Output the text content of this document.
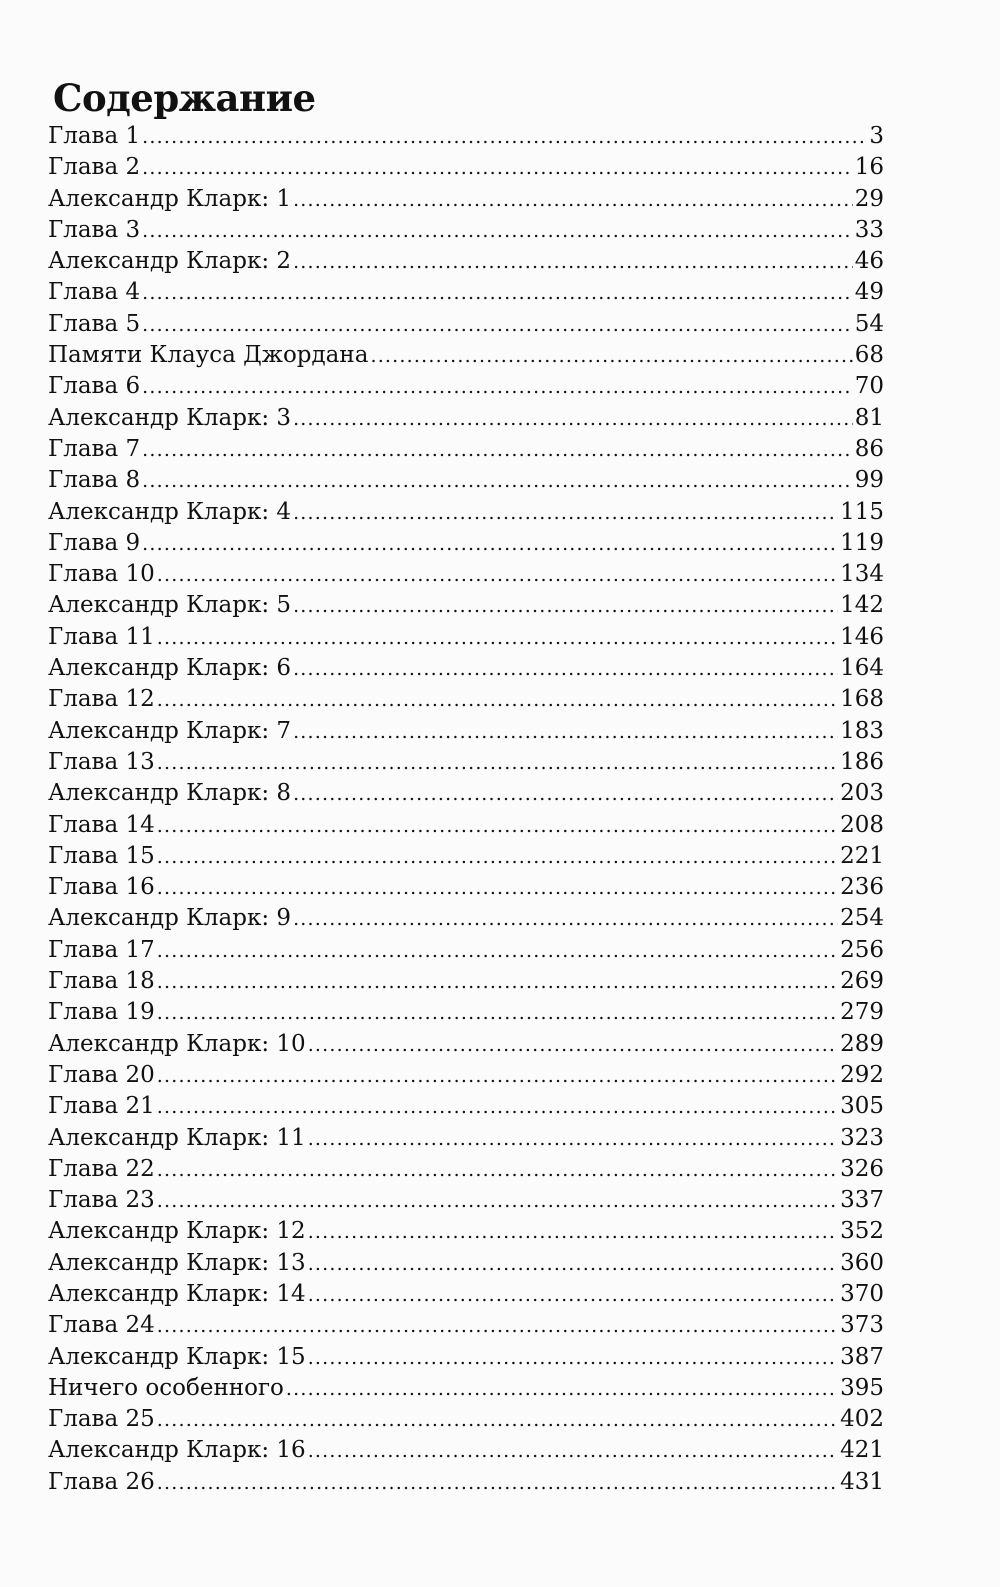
Содержание
Глава 1 .....	3
Глава 2 .....	16
Александр Кларк: 1 .....	29
Глава 3 .....	33
Александр Кларк: 2 .....	46
Глава 4 .....	49
Глава 5 .....	54
Памяти Клауса Джордана .....	68
Глава 6 .....	70
Александр Кларк: 3 .....	81
Глава 7 .....	86
Глава 8 .....	99
Александр Кларк: 4 .....	115
Глава 9 .....	119
Глава 10 .....	134
Александр Кларк: 5 .....	142
Глава 11 .....	146
Александр Кларк: 6 .....	164
Глава 12 .....	168
Александр Кларк: 7 .....	183
Глава 13 .....	186
Александр Кларк: 8 .....	203
Глава 14 .....	208
Глава 15 .....	221
Глава 16 .....	236
Александр Кларк: 9 .....	254
Глава 17 .....	256
Глава 18 .....	269
Глава 19 .....	279
Александр Кларк: 10 .....	289
Глава 20 .....	292
Глава 21 .....	305
Александр Кларк: 11 .....	323
Глава 22 .....	326
Глава 23 .....	337
Александр Кларк: 12 .....	352
Александр Кларк: 13 .....	360
Александр Кларк: 14 .....	370
Глава 24 .....	373
Александр Кларк: 15 .....	387
Ничего особенного .....	395
Глава 25 .....	402
Александр Кларк: 16 .....	421
Глава 26 .....	431
